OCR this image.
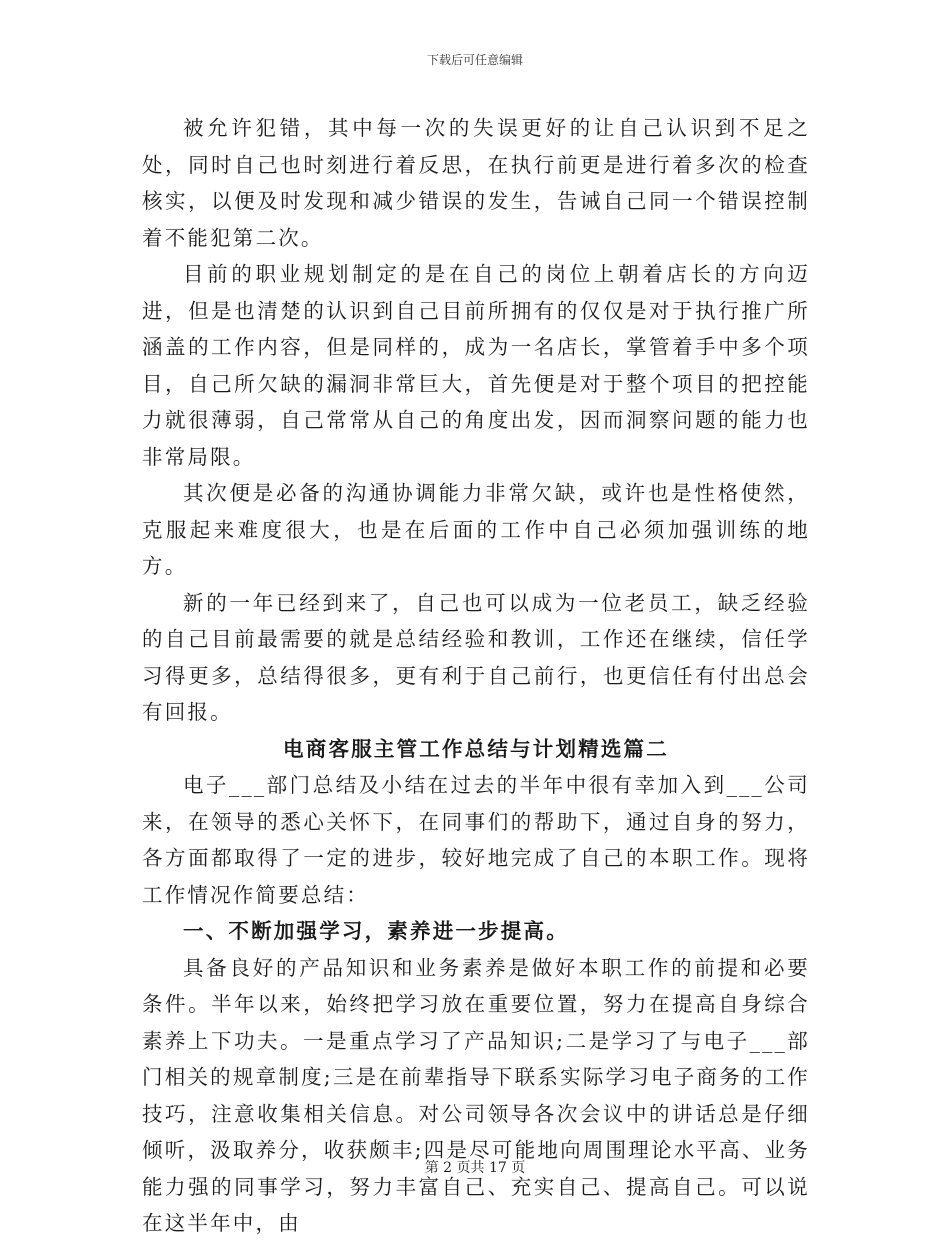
下载后可任意编辑

被允许犯错，其中每一次的失误更好的让自己认识到不足之处，同时自己也时刻进行着反思，在执行前更是进行着多次的检查核实，以便及时发现和减少错误的发生，告诫自己同一个错误控制着不能犯第二次。

目前的职业规划制定的是在自己的岗位上朝着店长的方向迈进，但是也清楚的认识到自己目前所拥有的仅仅是对于执行推广所涵盖的工作内容，但是同样的，成为一名店长，掌管着手中多个项目，自己所欠缺的漏洞非常巨大，首先便是对于整个项目的把控能力就很薄弱，自己常常从自己的角度出发，因而洞察问题的能力也非常局限。

其次便是必备的沟通协调能力非常欠缺，或许也是性格使然，克服起来难度很大，也是在后面的工作中自己必须加强训练的地方。

新的一年已经到来了，自己也可以成为一位老员工，缺乏经验的自己目前最需要的就是总结经验和教训，工作还在继续，信任学习得更多，总结得很多，更有利于自己前行，也更信任有付出总会有回报。

电商客服主管工作总结与计划精选篇二

电子___部门总结及小结在过去的半年中很有幸加入到___公司来，在领导的悉心关怀下，在同事们的帮助下，通过自身的努力，各方面都取得了一定的进步，较好地完成了自己的本职工作。现将工作情况作简要总结：

一、不断加强学习，素养进一步提高。

具备良好的产品知识和业务素养是做好本职工作的前提和必要条件。半年以来，始终把学习放在重要位置，努力在提高自身综合素养上下功夫。一是重点学习了产品知识;二是学习了与电子___部门相关的规章制度;三是在前辈指导下联系实际学习电子商务的工作技巧，注意收集相关信息。对公司领导各次会议中的讲话总是仔细倾听，汲取养分，收获颇丰;四是尽可能地向周围理论水平高、业务能力强的同事学习，努力丰富自己、充实自己、提高自己。可以说在这半年中，由

第 2 页共 17 页
